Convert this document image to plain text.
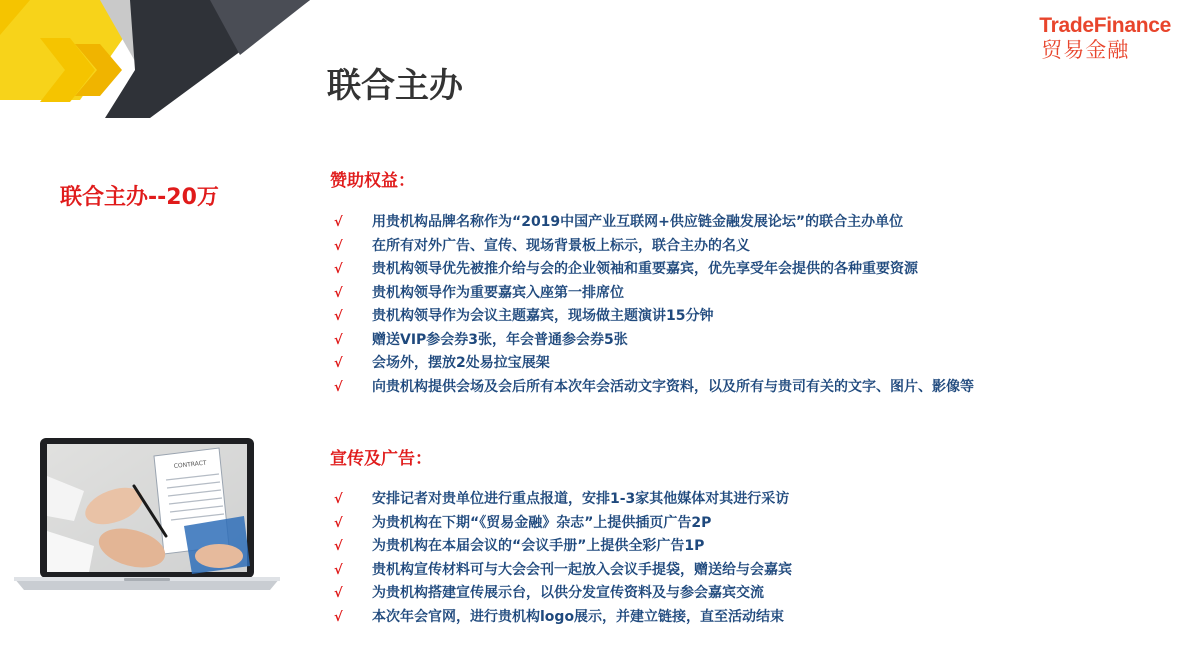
TradeFinance
贸易金融
联合主办
联合主办--20万
赞助权益：
√ 用贵机构品牌名称作为“2019中国产业互联网+供应链金融发展论坛”的联合主办单位
√ 在所有对外广告、宣传、现场背景板上标示，联合主办的名义
√ 贵机构领导优先被推介给与会的企业领袖和重要嘉宾，优先享受年会提供的各种重要资源
√ 贵机构领导作为重要嘉宾入座第一排席位
√ 贵机构领导作为会议主题嘉宾，现场做主题演讲15分钟
√ 赠送VIP参会券3张，年会普通参会券5张
√ 会场外，摆放2处易拉宝展架
√ 向贵机构提供会场及会后所有本次年会活动文字资料，以及所有与贵司有关的文字、图片、影像等
宣传及广告：
√ 安排记者对贵单位进行重点报道，安排1-3家其他媒体对其进行采访
√ 为贵机构在下期“《贸易金融》杂志”上提供插页广告2P
√ 为贵机构在本届会议的“会议手册”上提供全彩广告1P
√ 贵机构宣传材料可与大会会刊一起放入会议手提袋，赠送给与会嘉宾
√ 为贵机构搭建宣传展示台，以供分发宣传资料及与参会嘉宾交流
√ 本次年会官网，进行贵机构logo展示，并建立链接，直至活动结束
CONTRACT
